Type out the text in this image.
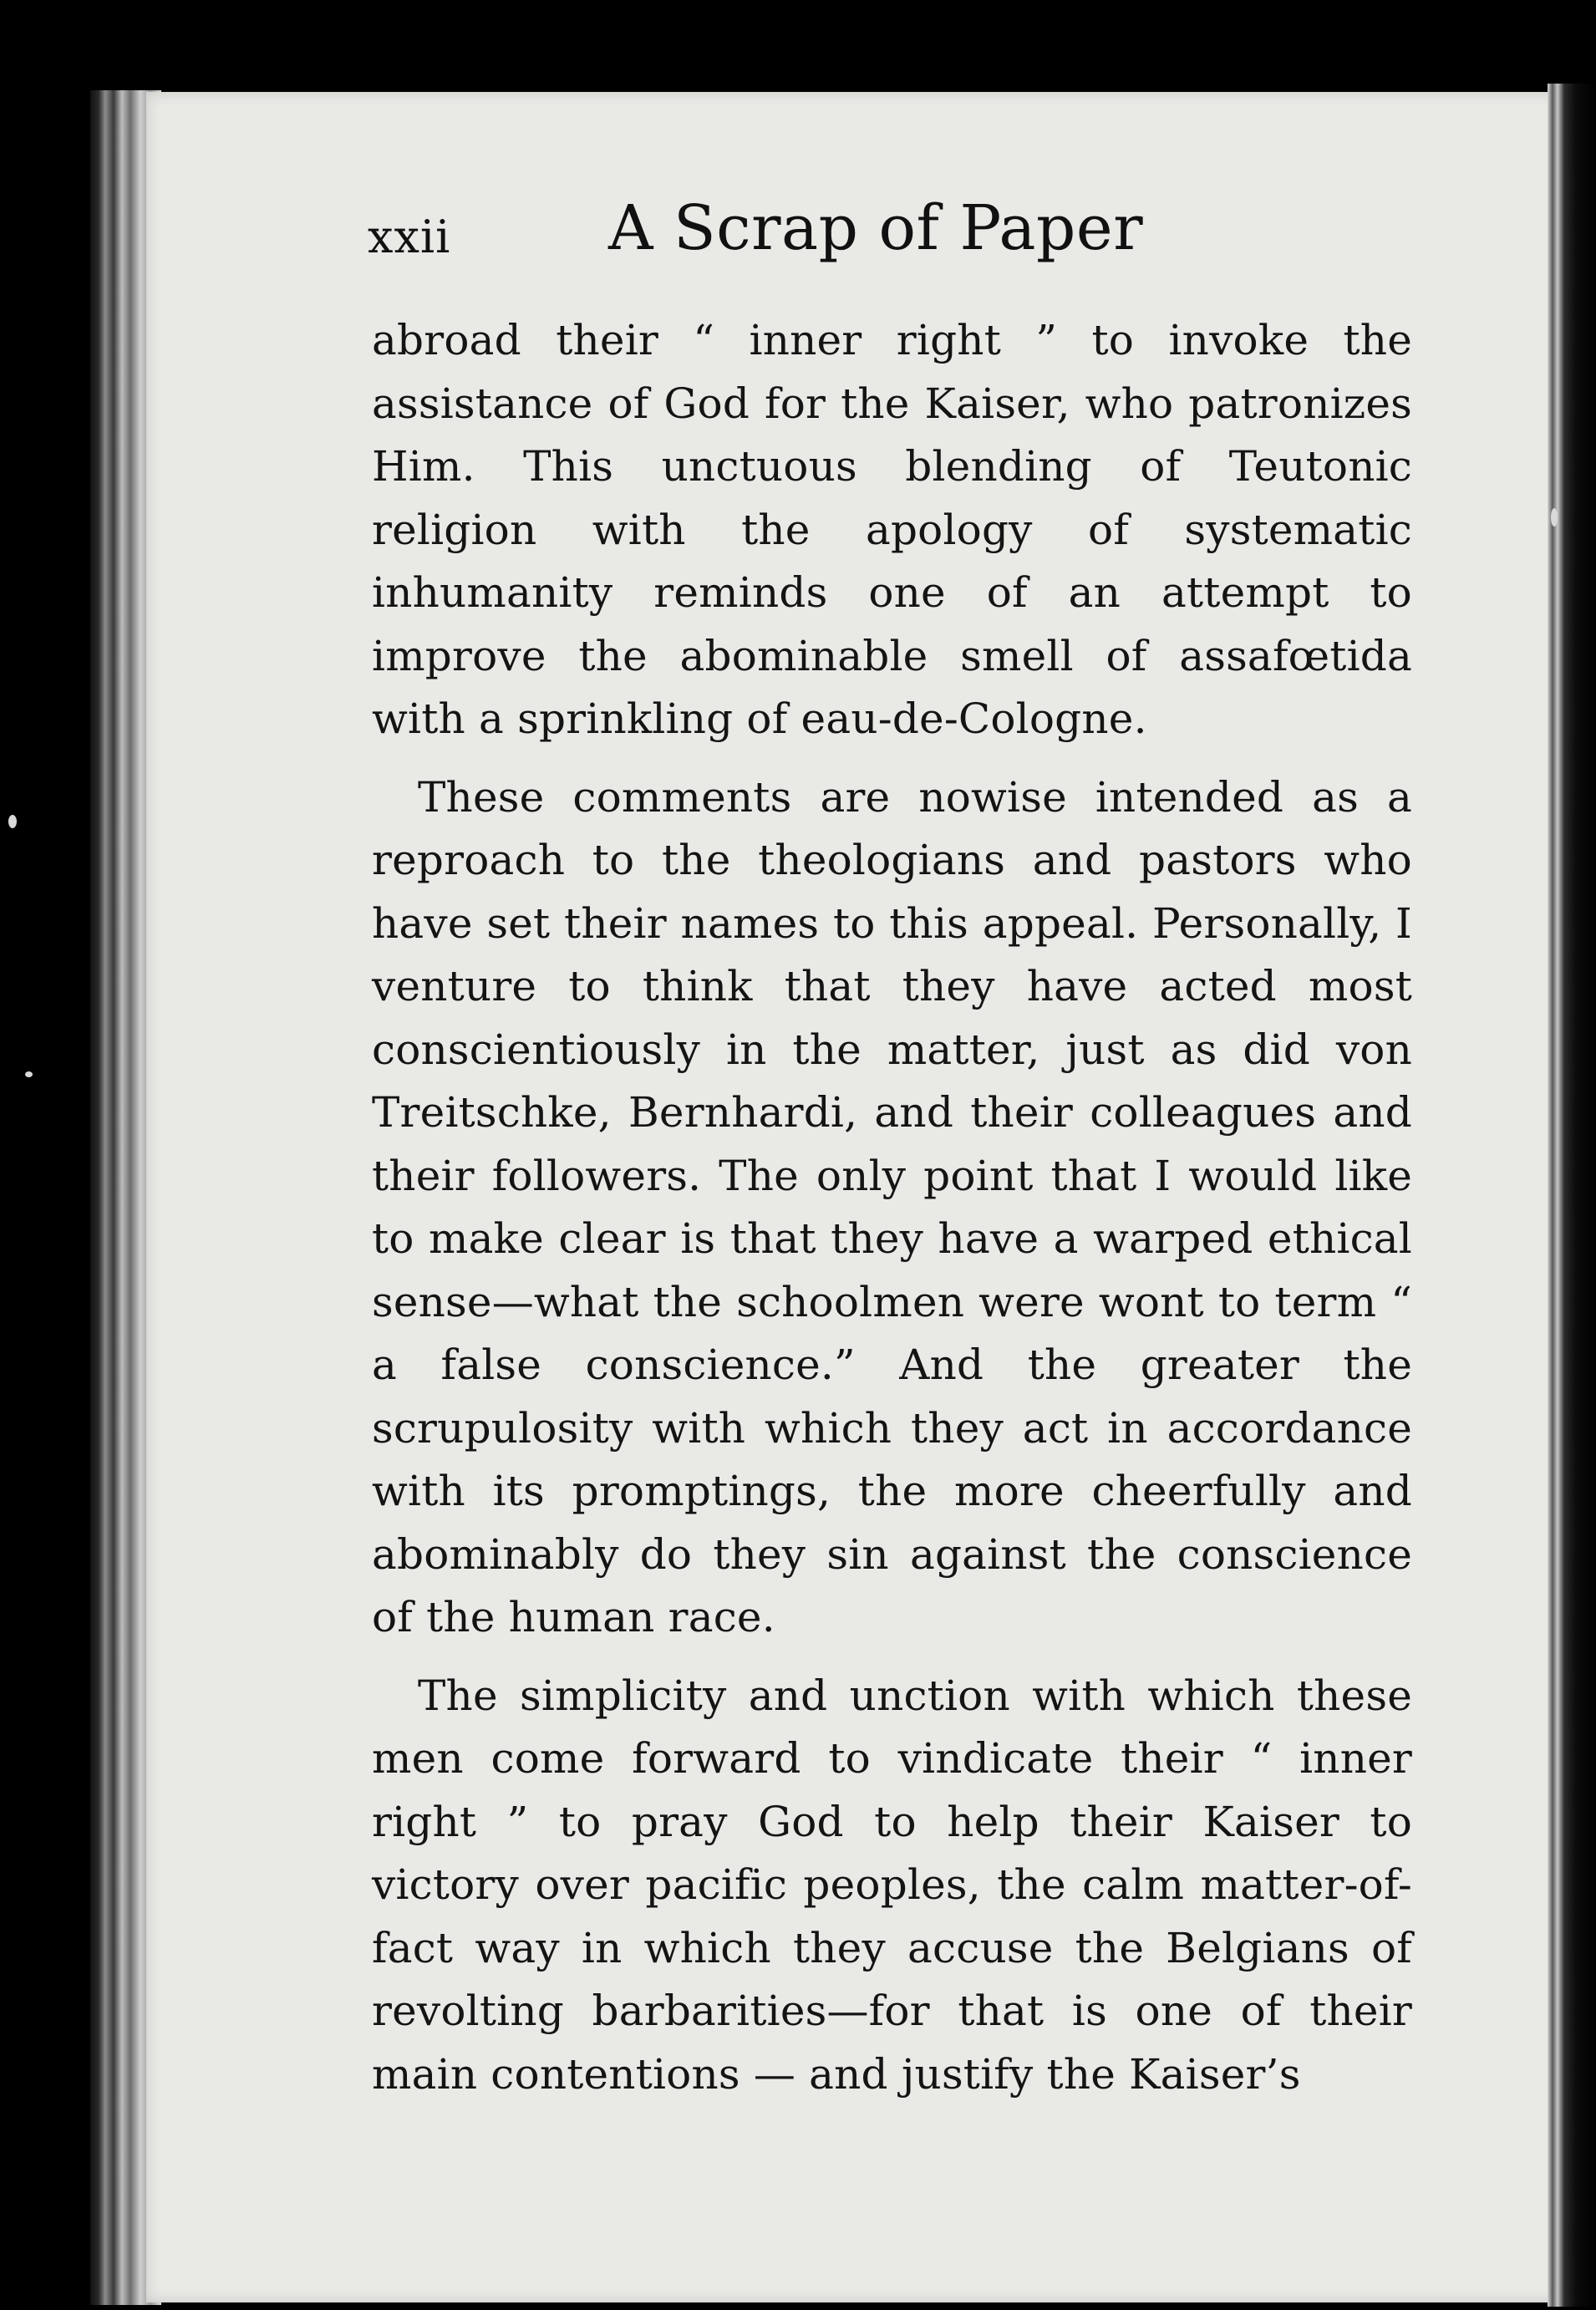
xxii	A Scrap of Paper

abroad their “ inner right ” to invoke the assistance of God for the Kaiser, who patronizes Him. This unctuous blending of Teutonic religion with the apology of systematic inhumanity reminds one of an attempt to improve the abominable smell of assafœtida with a sprinkling of eau-de-Cologne.

These comments are nowise intended as a reproach to the theologians and pastors who have set their names to this appeal. Personally, I venture to think that they have acted most conscientiously in the matter, just as did von Treitschke, Bernhardi, and their colleagues and their followers. The only point that I would like to make clear is that they have a warped ethical sense—what the schoolmen were wont to term “ a false conscience.” And the greater the scrupulosity with which they act in accordance with its promptings, the more cheerfully and abominably do they sin against the conscience of the human race.

The simplicity and unction with which these men come forward to vindicate their “ inner right ” to pray God to help their Kaiser to victory over pacific peoples, the calm matter-of-fact way in which they accuse the Belgians of revolting barbarities—for that is one of their main contentions — and justify the Kaiser’s
